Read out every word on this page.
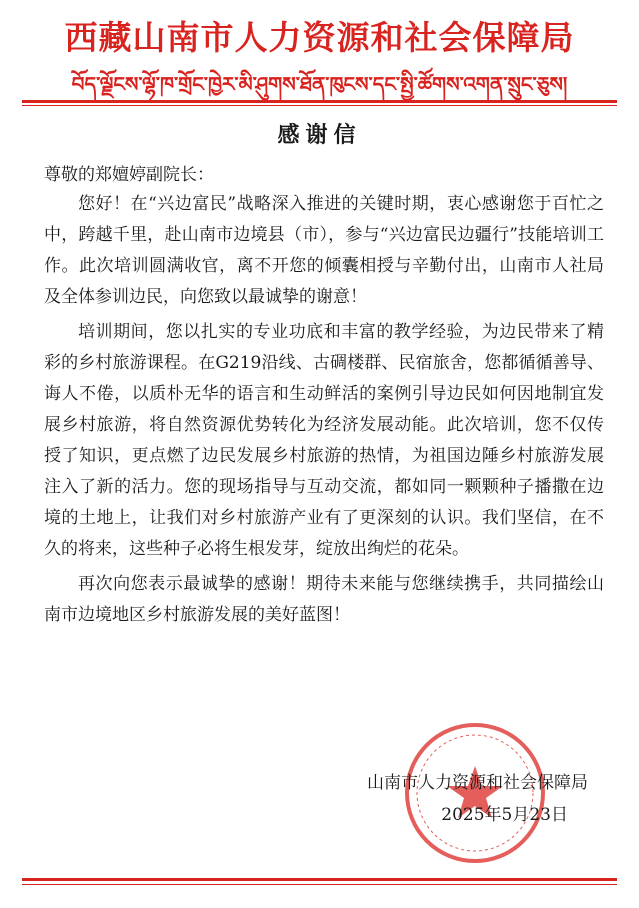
西藏山南市人力资源和社会保障局
བོད་ལྗོངས་ལྷོ་ཁ་གྲོང་ཁྱེར་མི་ཤུགས་ཐོན་ཁུངས་དང་སྤྱི་ཚོགས་འགན་སྲུང་ཅུས།
感谢信
尊敬的郑嬗婷副院长：

您好！在“兴边富民”战略深入推进的关键时期，衷心感谢您于百忙之中，跨越千里，赴山南市边境县（市），参与“兴边富民边疆行”技能培训工作。此次培训圆满收官，离不开您的倾囊相授与辛勤付出，山南市人社局及全体参训边民，向您致以最诚挚的谢意！

培训期间，您以扎实的专业功底和丰富的教学经验，为边民带来了精彩的乡村旅游课程。在G219沿线、古碉楼群、民宿旅舍，您都循循善导、诲人不倦，以质朴无华的语言和生动鲜活的案例引导边民如何因地制宜发展乡村旅游，将自然资源优势转化为经济发展动能。此次培训，您不仅传授了知识，更点燃了边民发展乡村旅游的热情，为祖国边陲乡村旅游发展注入了新的活力。您的现场指导与互动交流，都如同一颗颗种子播撒在边境的土地上，让我们对乡村旅游产业有了更深刻的认识。我们坚信，在不久的将来，这些种子必将生根发芽，绽放出绚烂的花朵。

再次向您表示最诚挚的感谢！期待未来能与您继续携手，共同描绘山南市边境地区乡村旅游发展的美好蓝图！

山南市人力资源和社会保障局
2025年5月23日
